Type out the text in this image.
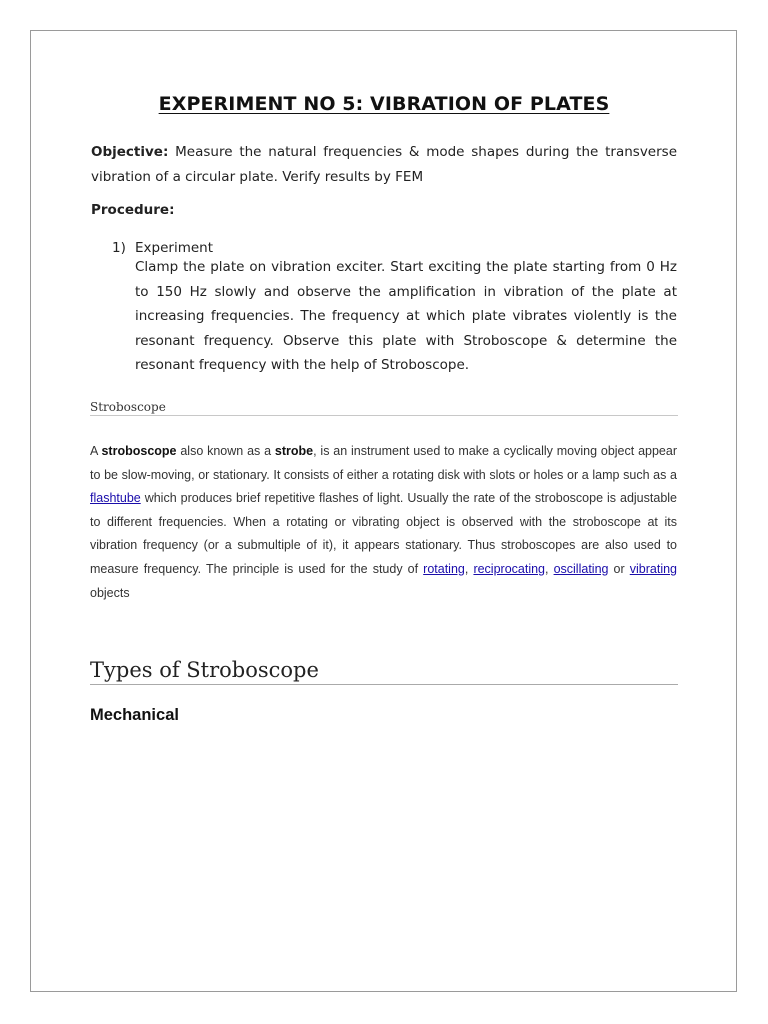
EXPERIMENT NO 5: VIBRATION OF PLATES
Objective: Measure the natural frequencies & mode shapes during the transverse vibration of a circular plate. Verify results by FEM
Procedure:
1) Experiment
Clamp the plate on vibration exciter. Start exciting the plate starting from 0 Hz to 150 Hz slowly and observe the amplification in vibration of the plate at increasing frequencies. The frequency at which plate vibrates violently is the resonant frequency. Observe this plate with Stroboscope & determine the resonant frequency with the help of Stroboscope.
Stroboscope
A stroboscope also known as a strobe, is an instrument used to make a cyclically moving object appear to be slow-moving, or stationary. It consists of either a rotating disk with slots or holes or a lamp such as a flashtube which produces brief repetitive flashes of light. Usually the rate of the stroboscope is adjustable to different frequencies. When a rotating or vibrating object is observed with the stroboscope at its vibration frequency (or a submultiple of it), it appears stationary. Thus stroboscopes are also used to measure frequency. The principle is used for the study of rotating, reciprocating, oscillating or vibrating objects
Types of Stroboscope
Mechanical
